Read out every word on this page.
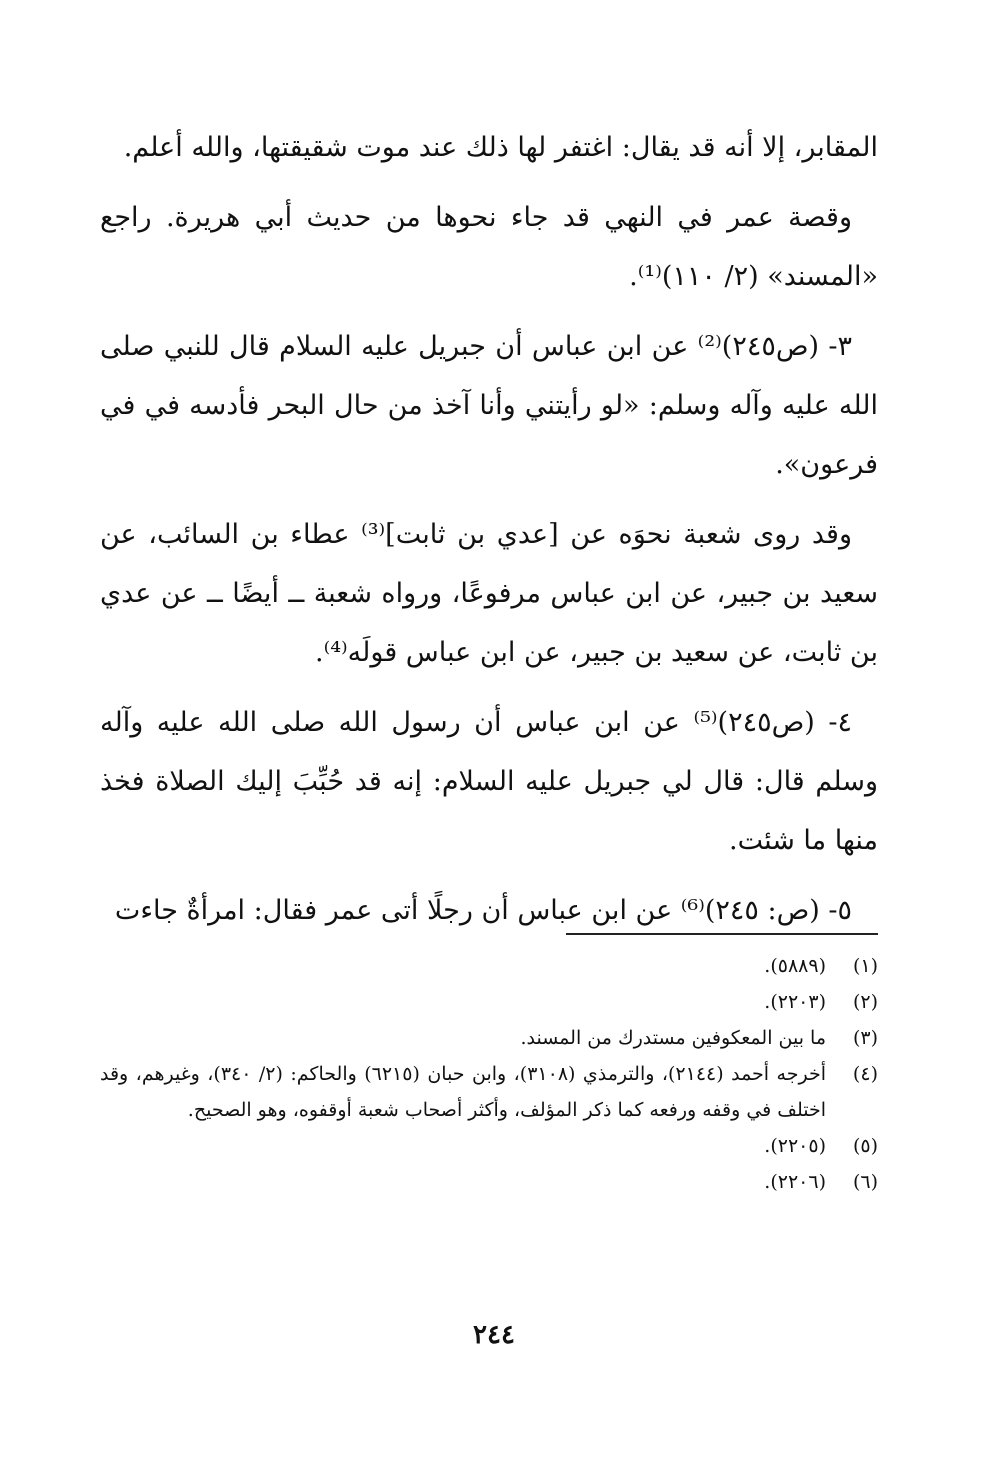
المقابر، إلا أنه قد يقال: اغتفر لها ذلك عند موت شقيقتها، والله أعلم.

وقصة عمر في النهي قد جاء نحوها من حديث أبي هريرة. راجع «المسند» (٢/ ١١٠)⁽¹⁾.

٣- (ص٢٤٥)⁽²⁾ عن ابن عباس أن جبريل عليه السلام قال للنبي صلى الله عليه وآله وسلم: «لو رأيتني وأنا آخذ من حال البحر فأدسه في في فرعون».

وقد روى شعبة نحوَه عن [عدي بن ثابت]⁽³⁾ عطاء بن السائب، عن سعيد بن جبير، عن ابن عباس مرفوعًا، ورواه شعبة ــ أيضًا ــ عن عدي بن ثابت، عن سعيد بن جبير، عن ابن عباس قولَه⁽⁴⁾.

٤- (ص٢٤٥)⁽⁵⁾ عن ابن عباس أن رسول الله صلى الله عليه وآله وسلم قال: قال لي جبريل عليه السلام: إنه قد حُبِّبَ إليك الصلاة فخذ منها ما شئت.

٥- (ص: ٢٤٥)⁽⁶⁾ عن ابن عباس أن رجلًا أتى عمر فقال: امرأةٌ جاءت

(١)(٥٨٨٩).

(٢)(٢٢٠٣).

(٣)ما بين المعكوفين مستدرك من المسند.

(٤)أخرجه أحمد (٢١٤٤)، والترمذي (٣١٠٨)، وابن حبان (٦٢١٥) والحاكم: (٢/ ٣٤٠)، وغيرهم، وقد اختلف في وقفه ورفعه كما ذكر المؤلف، وأكثر أصحاب شعبة أوقفوه، وهو الصحيح.

(٥)(٢٢٠٥).

(٦)(٢٢٠٦).

٢٤٤
